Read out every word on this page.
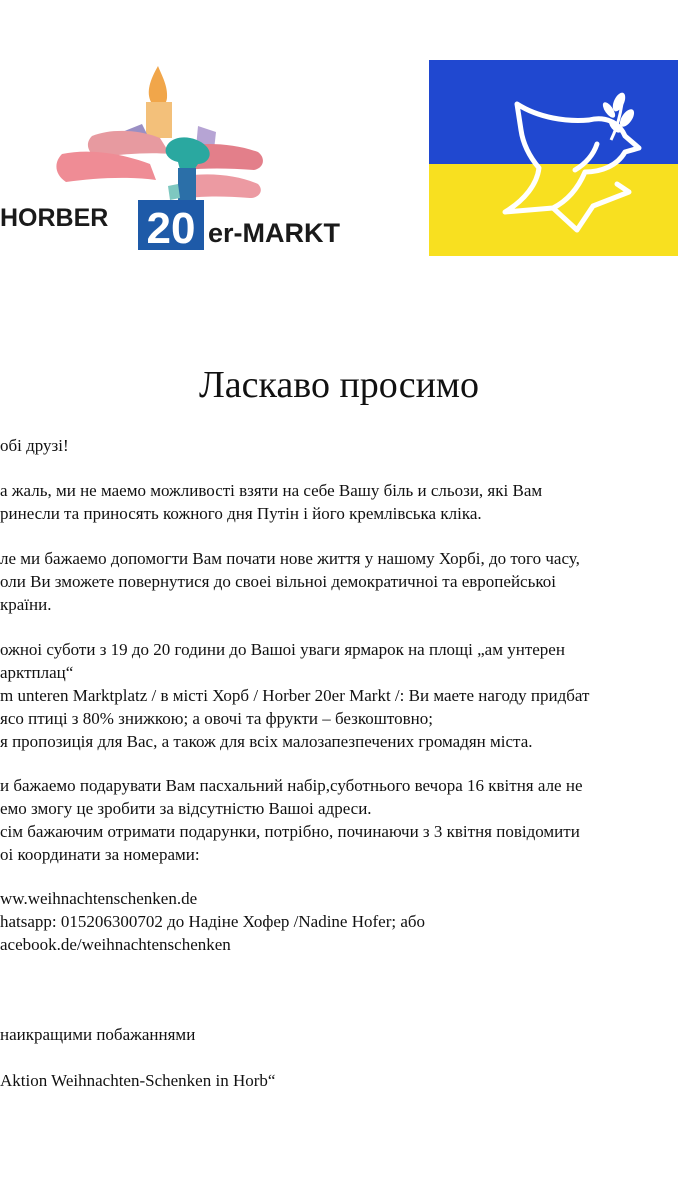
20
HORBER	er-MARKT
Ласкаво просимо
обі друзі!
а жаль, ми не маемо можливості взяти на себе Вашу біль и сльози, які Вам
ринесли та приносять кожного дня Путін і його кремлівська кліка.
ле ми бажаемо допомогти Вам почати нове життя у нашому Хорбі, до того часу,
оли Ви зможете повернутися до своеі вільноі демократичноі та европейськоі
країни.
ожноі суботи з 19 до 20 години до Вашоі уваги ярмарок на площі „ам унтерен
арктплац“
m unteren Marktplatz / в місті Хорб / Horber 20er Markt /: Ви маете нагоду придбат
ясо птиці з 80% знижкою; а овочі та фрукти – безкоштовно;
я пропозиція для Вас, а також для всіх малозапезпечених громадян міста.
и бажаемо подарувати Вам пасхальний набір,суботнього вечора 16 квітня але не
емо змогу це зробити за відсутністю Вашоі адреси.
сім бажаючим отримати подарунки, потрібно, починаючи з 3 квітня повідомити
оі координати за номерами:
ww.weihnachtenschenken.de
hatsapp: 015206300702 до Надіне Хофер /Nadine Hofer; або
acebook.de/weihnachtenschenken
наикращими побажаннями
Aktion Weihnachten-Schenken in Horb“
